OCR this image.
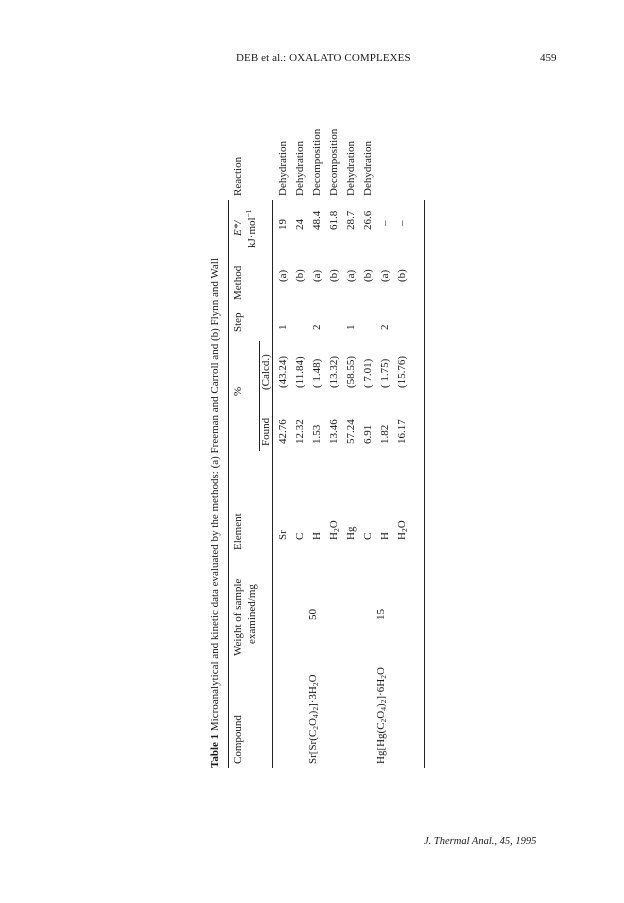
DEB et al.: OXALATO COMPLEXES	459
Table 1 Microanalytical and kinetic data evaluated by the methods: (a) Freeman and Carroll and (b) Flynn and Wall
Compound
Weight of sample examined/mg
Element
%
Found
(Calcd.)
Step
Method
E*/ kJ·mol$^{-1}$
Reaction
$Sr[Sr(C_2O_4)_2]\cdot 3H_2O$
50
$Hg[Hg(C_2O_4)_2]\cdot 6H_2O$
15
Sr
42.76
(43.24)
1
(a)
19
Dehydration
C
12.32
(11.84)
(b)
24
Dehydration
H
1.53
( 1.48)
2
(a)
48.4
Decomposition
$H_2O$
13.46
(13.32)
(b)
61.8
Decomposition
Hg
57.24
(58.55)
1
(a)
28.7
Dehydration
C
6.91
( 7.01)
(b)
26.6
Dehydration
H
1.82
( 1.75)
2
(a)
–
$H_2O$
16.17
(15.76)
(b)
–
J. Thermal Anal., 45, 1995
